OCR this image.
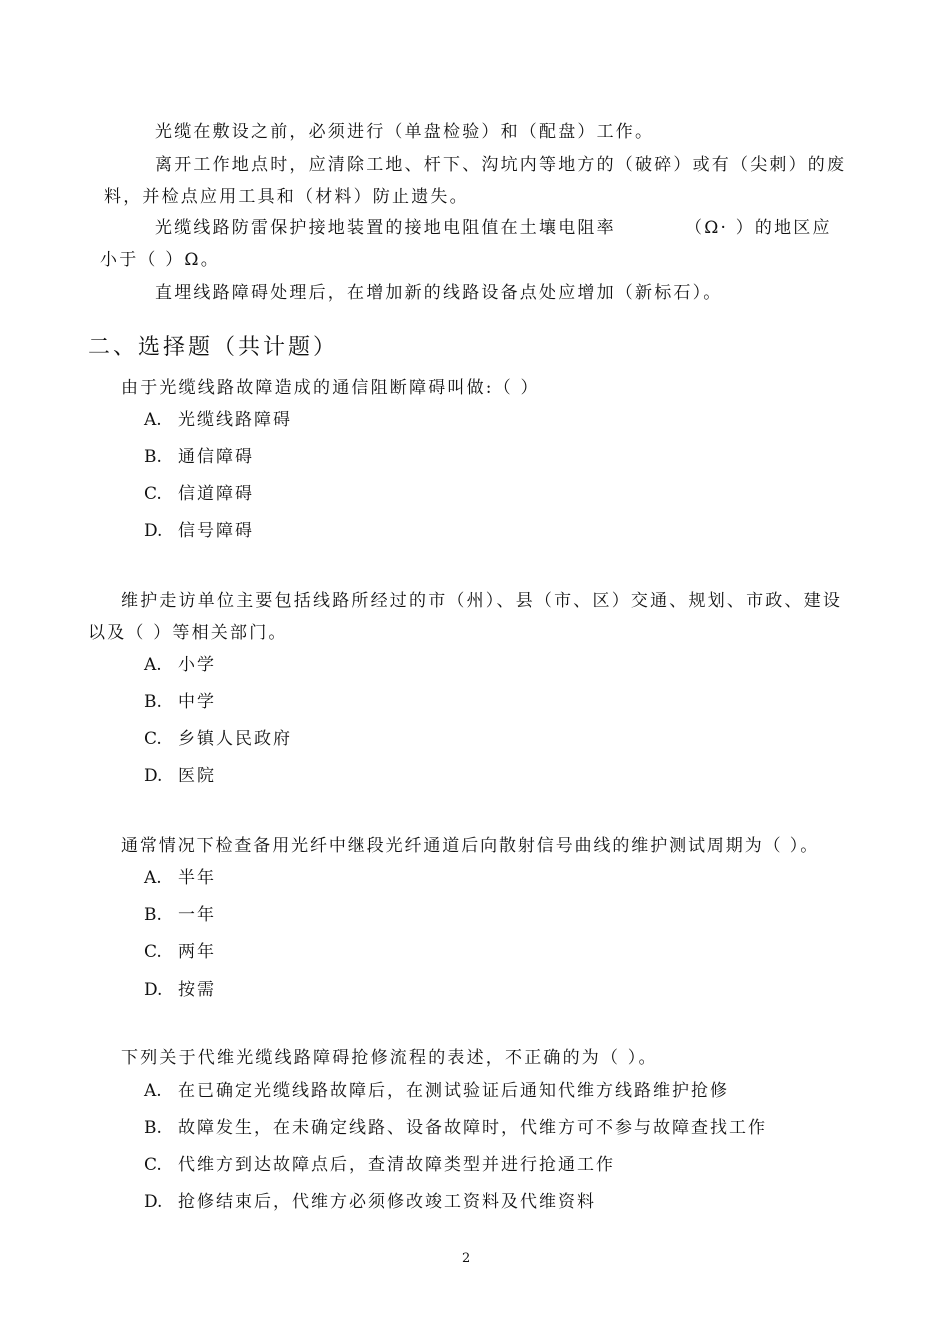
光缆在敷设之前，必须进行（单盘检验）和（配盘）工作。
离开工作地点时，应清除工地、杆下、沟坑内等地方的（破碎）或有（尖刺）的废
料，并检点应用工具和（材料）防止遗失。
光缆线路防雷保护接地装置的接地电阻值在土壤电阻率	（Ω· ）的地区应
小于（ ）Ω。
直埋线路障碍处理后，在增加新的线路设备点处应增加（新标石）。
二、选择题（共计题）
由于光缆线路故障造成的通信阻断障碍叫做:（ ）
A. 光缆线路障碍
B. 通信障碍
C. 信道障碍
D. 信号障碍
维护走访单位主要包括线路所经过的市（州）、县（市、区）交通、规划、市政、建设
以及（ ）等相关部门。
A. 小学
B. 中学
C. 乡镇人民政府
D. 医院
通常情况下检查备用光纤中继段光纤通道后向散射信号曲线的维护测试周期为（ ）。
A. 半年
B. 一年
C. 两年
D. 按需
下列关于代维光缆线路障碍抢修流程的表述，不正确的为（ ）。
A. 在已确定光缆线路故障后，在测试验证后通知代维方线路维护抢修
B. 故障发生，在未确定线路、设备故障时，代维方可不参与故障查找工作
C. 代维方到达故障点后，查清故障类型并进行抢通工作
D. 抢修结束后，代维方必须修改竣工资料及代维资料
2
